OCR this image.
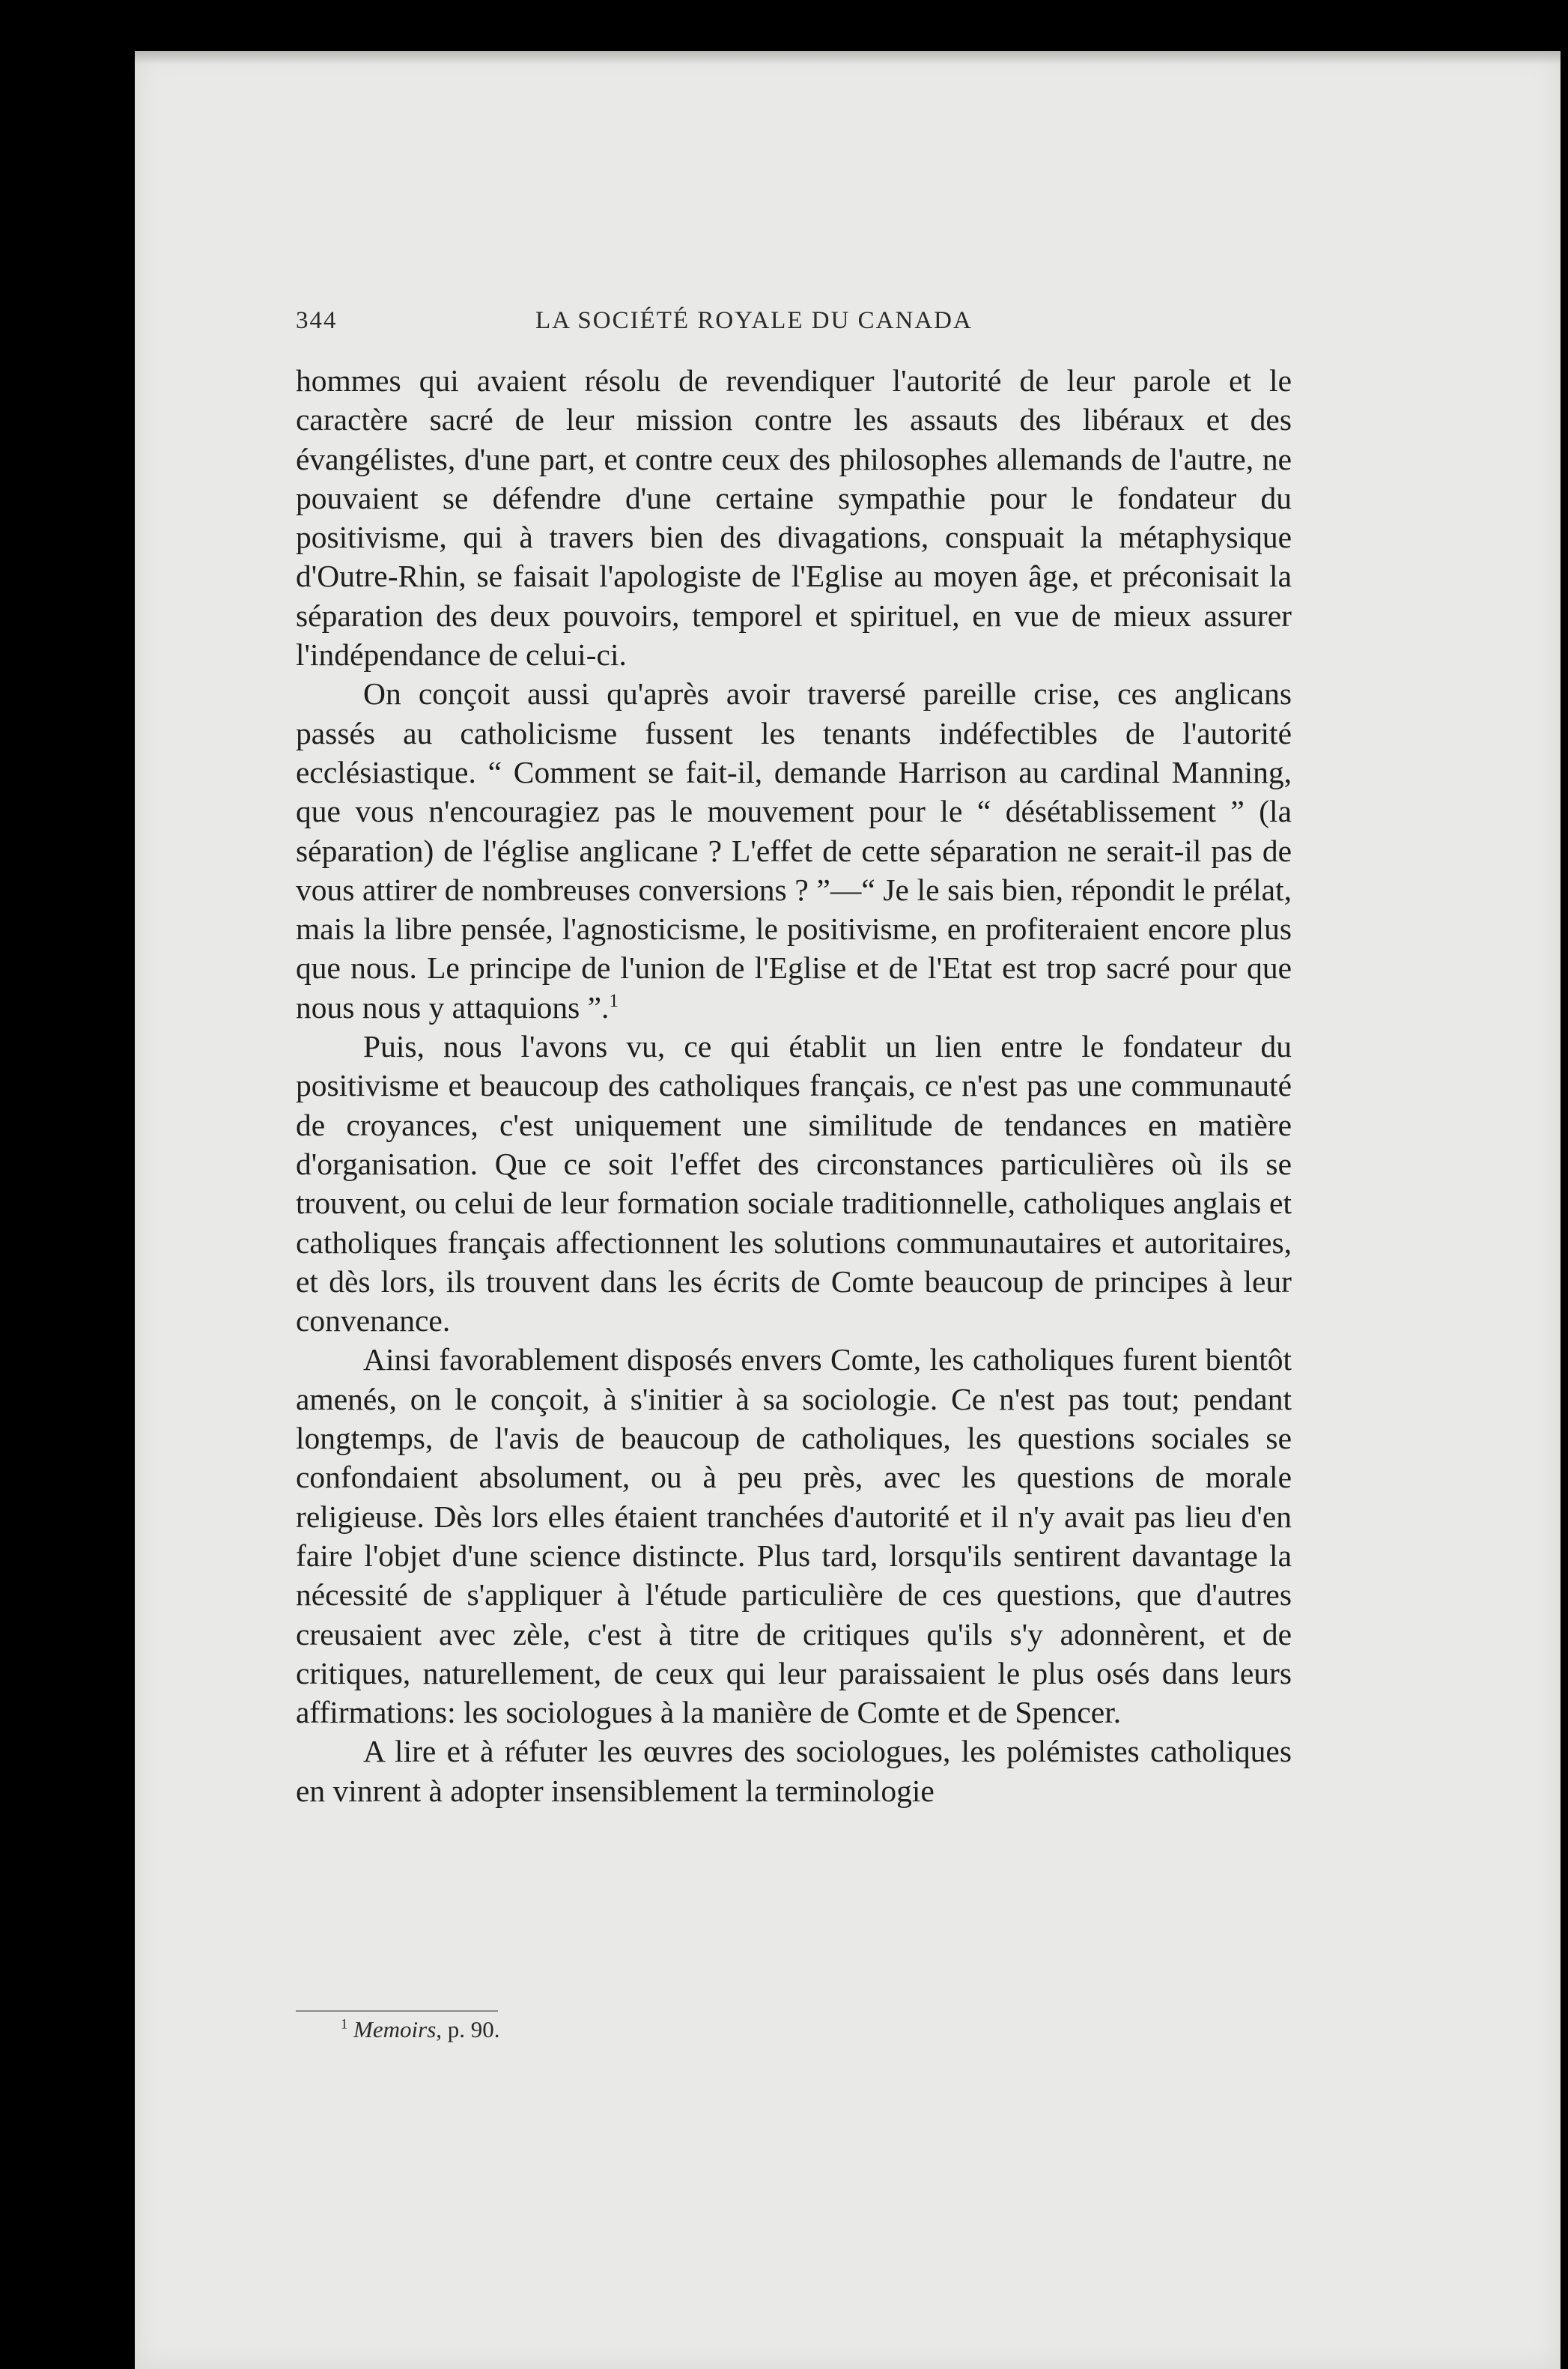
344	LA SOCIÉTÉ ROYALE DU CANADA

hommes qui avaient résolu de revendiquer l'autorité de leur parole et le caractère sacré de leur mission contre les assauts des libéraux et des évangélistes, d'une part, et contre ceux des philosophes allemands de l'autre, ne pouvaient se défendre d'une certaine sympathie pour le fondateur du positivisme, qui à travers bien des divagations, conspuait la métaphysique d'Outre-Rhin, se faisait l'apologiste de l'Eglise au moyen âge, et préconisait la séparation des deux pouvoirs, temporel et spirituel, en vue de mieux assurer l'indépendance de celui-ci.

On conçoit aussi qu'après avoir traversé pareille crise, ces anglicans passés au catholicisme fussent les tenants indéfectibles de l'autorité ecclésiastique. “ Comment se fait-il, demande Harrison au cardinal Manning, que vous n'encouragiez pas le mouvement pour le “ désétablissement ” (la séparation) de l'église anglicane ? L'effet de cette séparation ne serait-il pas de vous attirer de nombreuses conversions ? ”—“ Je le sais bien, répondit le prélat, mais la libre pensée, l'agnosticisme, le positivisme, en profiteraient encore plus que nous. Le principe de l'union de l'Eglise et de l'Etat est trop sacré pour que nous nous y attaquions ”.$^1$

Puis, nous l'avons vu, ce qui établit un lien entre le fondateur du positivisme et beaucoup des catholiques français, ce n'est pas une communauté de croyances, c'est uniquement une similitude de tendances en matière d'organisation. Que ce soit l'effet des circonstances particulières où ils se trouvent, ou celui de leur formation sociale traditionnelle, catholiques anglais et catholiques français affectionnent les solutions communautaires et autoritaires, et dès lors, ils trouvent dans les écrits de Comte beaucoup de principes à leur convenance.

Ainsi favorablement disposés envers Comte, les catholiques furent bientôt amenés, on le conçoit, à s'initier à sa sociologie. Ce n'est pas tout; pendant longtemps, de l'avis de beaucoup de catholiques, les questions sociales se confondaient absolument, ou à peu près, avec les questions de morale religieuse. Dès lors elles étaient tranchées d'autorité et il n'y avait pas lieu d'en faire l'objet d'une science distincte. Plus tard, lorsqu'ils sentirent davantage la nécessité de s'appliquer à l'étude particulière de ces questions, que d'autres creusaient avec zèle, c'est à titre de critiques qu'ils s'y adonnèrent, et de critiques, naturellement, de ceux qui leur paraissaient le plus osés dans leurs affirmations: les sociologues à la manière de Comte et de Spencer.

A lire et à réfuter les œuvres des sociologues, les polémistes catholiques en vinrent à adopter insensiblement la terminologie

$^1$ Memoirs, p. 90.
